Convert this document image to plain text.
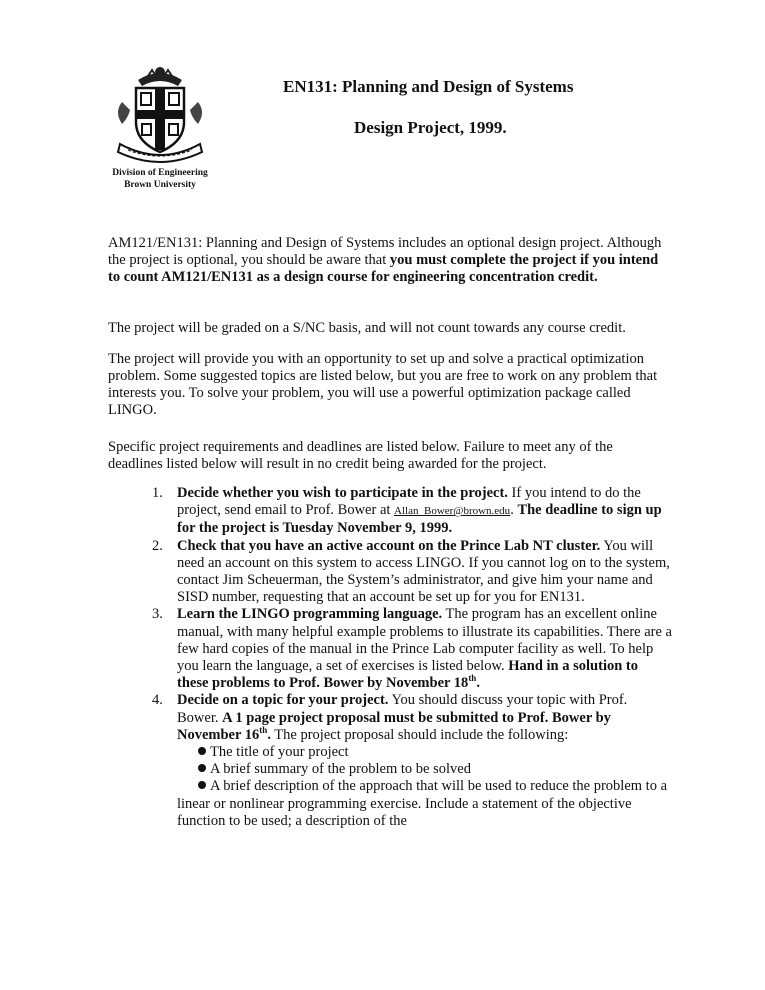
Division of Engineering
Brown University
EN131: Planning and Design of Systems
Design Project, 1999.
AM121/EN131: Planning and Design of Systems includes an optional design project. Although the project is optional, you should be aware that you must complete the project if you intend to count AM121/EN131 as a design course for engineering concentration credit.
The project will be graded on a S/NC basis, and will not count towards any course credit.
The project will provide you with an opportunity to set up and solve a practical optimization problem. Some suggested topics are listed below, but you are free to work on any problem that interests you. To solve your problem, you will use a powerful optimization package called LINGO.
Specific project requirements and deadlines are listed below. Failure to meet any of the deadlines listed below will result in no credit being awarded for the project.
1. Decide whether you wish to participate in the project. If you intend to do the project, send email to Prof. Bower at Allan_Bower@brown.edu. The deadline to sign up for the project is Tuesday November 9, 1999.
2. Check that you have an active account on the Prince Lab NT cluster. You will need an account on this system to access LINGO. If you cannot log on to the system, contact Jim Scheuerman, the System’s administrator, and give him your name and SISD number, requesting that an account be set up for you for EN131.
3. Learn the LINGO programming language. The program has an excellent online manual, with many helpful example problems to illustrate its capabilities. There are a few hard copies of the manual in the Prince Lab computer facility as well. To help you learn the language, a set of exercises is listed below. Hand in a solution to these problems to Prof. Bower by November 18th.
4. Decide on a topic for your project. You should discuss your topic with Prof. Bower. A 1 page project proposal must be submitted to Prof. Bower by November 16th. The project proposal should include the following:
The title of your project
A brief summary of the problem to be solved
A brief description of the approach that will be used to reduce the problem to a linear or nonlinear programming exercise. Include a statement of the objective function to be used; a description of the
